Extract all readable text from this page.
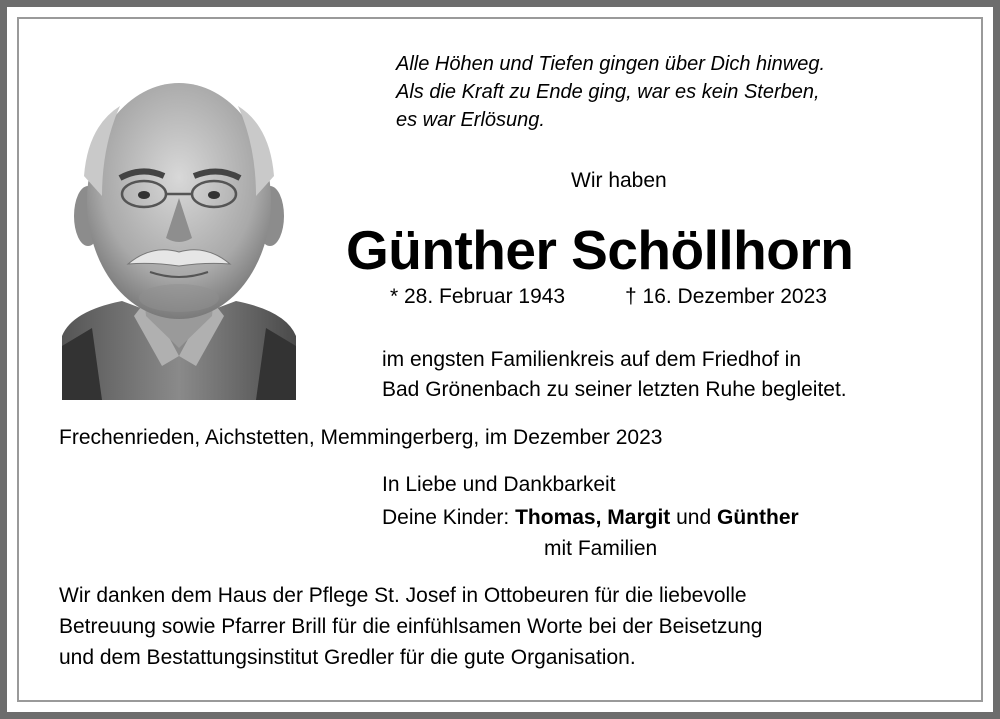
Alle Höhen und Tiefen gingen über Dich hinweg.
Als die Kraft zu Ende ging, war es kein Sterben,
es war Erlösung.
Wir haben
Günther Schöllhorn
* 28. Februar 1943	† 16. Dezember 2023
im engsten Familienkreis auf dem Friedhof in
Bad Grönenbach zu seiner letzten Ruhe begleitet.
Frechenrieden, Aichstetten, Memmingerberg, im Dezember 2023
In Liebe und Dankbarkeit
Deine Kinder: Thomas, Margit und Günther
mit Familien
Wir danken dem Haus der Pflege St. Josef in Ottobeuren für die liebevolle
Betreuung sowie Pfarrer Brill für die einfühlsamen Worte bei der Beisetzung
und dem Bestattungsinstitut Gredler für die gute Organisation.
